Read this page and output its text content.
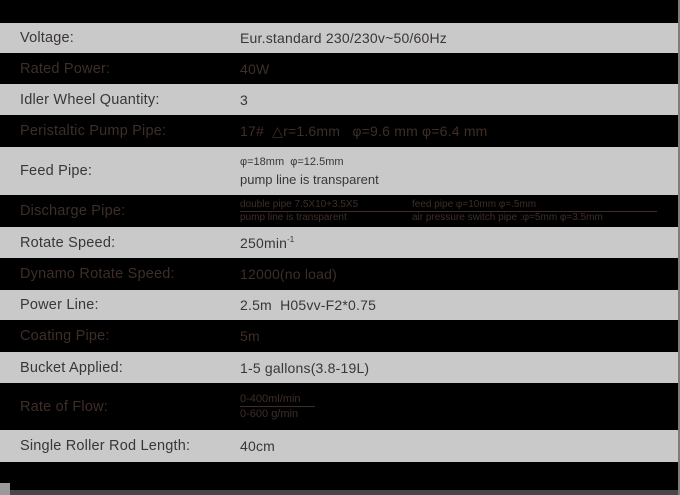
Voltage:	Eur.standard 230/230v~50/60Hz
Rated Power:	40W
Idler Wheel Quantity:	3
Peristaltic Pump Pipe:	17#  △r=1.6mm   φ=9.6 mm φ=6.4 mm
Feed Pipe:
φ=18mm  φ=12.5mm
pump line is transparent
Discharge Pipe:	double pipe 7.5X10+3.5X5	feed pipe φ=10mm φ=.5mm
pump line is transparent	air pressure switch pipe :φ=5mm φ=3.5mm
Rotate Speed:	$250\min^{-1}$
Dynamo Rotate Speed:	12000(no load)
Power Line:	2.5m  H05vv-F2*0.75
Coating Pipe:	5m
Bucket Applied:	1-5 gallons(3.8-19L)
Rate of Flow:	$\frac{0-400ml/\min}{0-600 g/\min}$
Single Roller Rod Length:	40cm
